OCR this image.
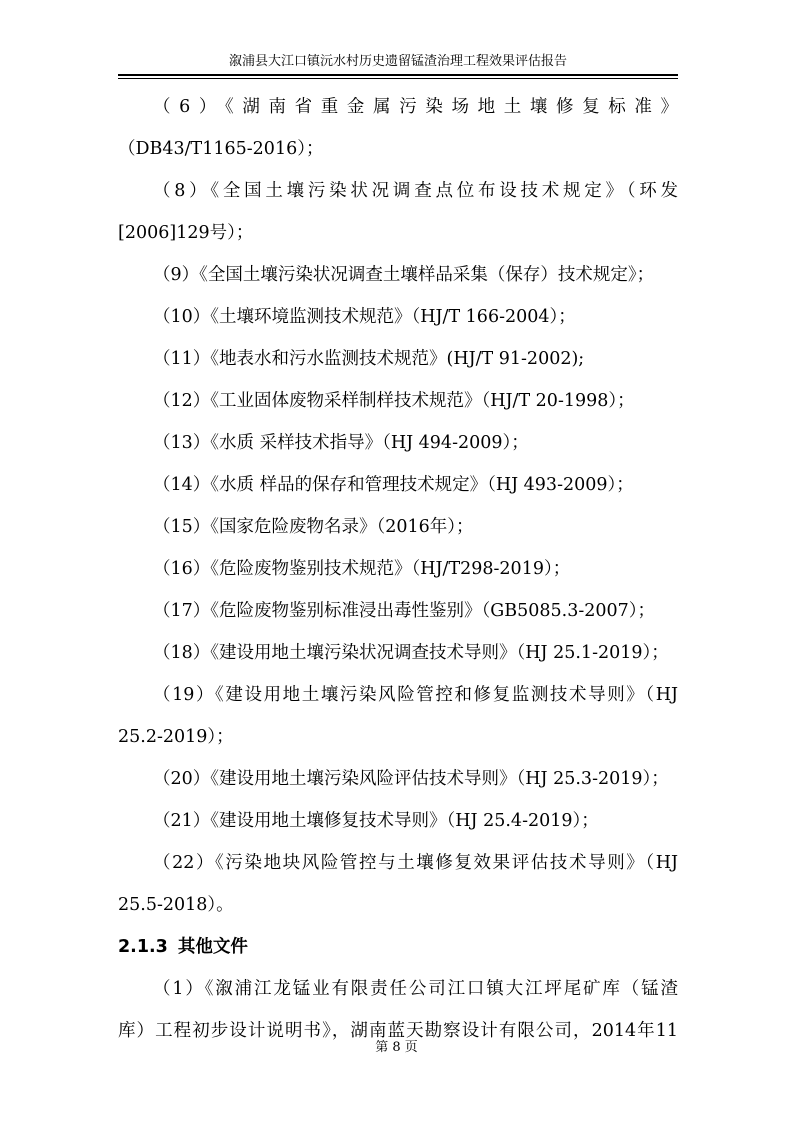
溆浦县大江口镇沅水村历史遗留锰渣治理工程效果评估报告
（6）《湖南省重金属污染场地土壤修复标准》
（DB43/T1165-2016）；
（8）《全国土壤污染状况调查点位布设技术规定》（环发
[2006]129号）；
（9）《全国土壤污染状况调查土壤样品采集（保存）技术规定》；
（10）《土壤环境监测技术规范》（HJ/T 166-2004）；
（11）《地表水和污水监测技术规范》(HJ/T 91-2002);
（12）《工业固体废物采样制样技术规范》（HJ/T 20-1998）；
（13）《水质 采样技术指导》（HJ 494-2009）；
（14）《水质 样品的保存和管理技术规定》（HJ 493-2009）；
（15）《国家危险废物名录》（2016年）；
（16）《危险废物鉴别技术规范》（HJ/T298-2019）；
（17）《危险废物鉴别标准浸出毒性鉴别》（GB5085.3-2007）；
（18）《建设用地土壤污染状况调查技术导则》（HJ 25.1-2019）；
（19）《建设用地土壤污染风险管控和修复监测技术导则》（HJ
25.2-2019）；
（20）《建设用地土壤污染风险评估技术导则》（HJ 25.3-2019）；
（21）《建设用地土壤修复技术导则》（HJ 25.4-2019）；
（22）《污染地块风险管控与土壤修复效果评估技术导则》（HJ
25.5-2018）。
2.1.3 其他文件
（1）《溆浦江龙锰业有限责任公司江口镇大江坪尾矿库（锰渣
库）工程初步设计说明书》，湖南蓝天勘察设计有限公司，2014年11
第 8 页
